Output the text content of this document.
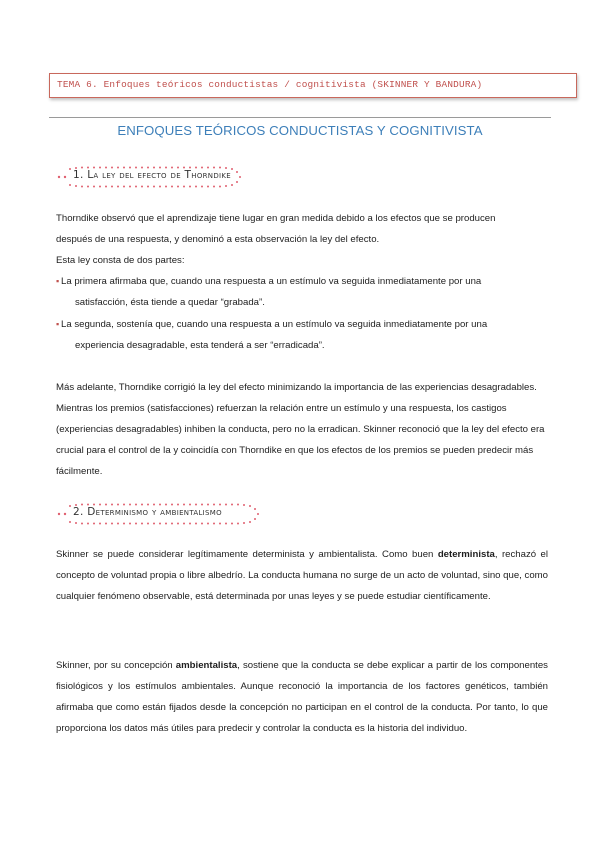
TEMA 6. Enfoques teóricos conductistas / cognitivista (SKINNER Y BANDURA)
ENFOQUES TEÓRICOS CONDUCTISTAS Y COGNITIVISTA
1. La ley del efecto de Thorndike

Thorndike observó que el aprendizaje tiene lugar en gran medida debido a los efectos que se producen

después de una respuesta, y denominó a esta observación la ley del efecto.

Esta ley consta de dos partes:

▪ La primera afirmaba que, cuando una respuesta a un estímulo va seguida inmediatamente por una
satisfacción, ésta tiende a quedar “grabada”.
▪ La segunda, sostenía que, cuando una respuesta a un estímulo va seguida inmediatamente por una
experiencia desagradable, esta tenderá a ser “erradicada”.
Más adelante, Thorndike corrigió la ley del efecto minimizando la importancia de las experiencias desagradables. Mientras los premios (satisfacciones) refuerzan la relación entre un estímulo y una respuesta, los castigos (experiencias desagradables) inhiben la conducta, pero no la erradican. Skinner reconoció que la ley del efecto era crucial para el control de la y coincidía con Thorndike en que los efectos de los premios se pueden predecir más fácilmente.
2. Determinismo y ambientalismo
Skinner se puede considerar legítimamente determinista y ambientalista. Como buen determinista, rechazó el concepto de voluntad propia o libre albedrío. La conducta humana no surge de un acto de voluntad, sino que, como cualquier fenómeno observable, está determinada por unas leyes y se puede estudiar científicamente.
Skinner, por su concepción ambientalista, sostiene que la conducta se debe explicar a partir de los componentes fisiológicos y los estímulos ambientales. Aunque reconoció la importancia de los factores genéticos, también afirmaba que como están fijados desde la concepción no participan en el control de la conducta. Por tanto, lo que proporciona los datos más útiles para predecir y controlar la conducta es la historia del individuo.
